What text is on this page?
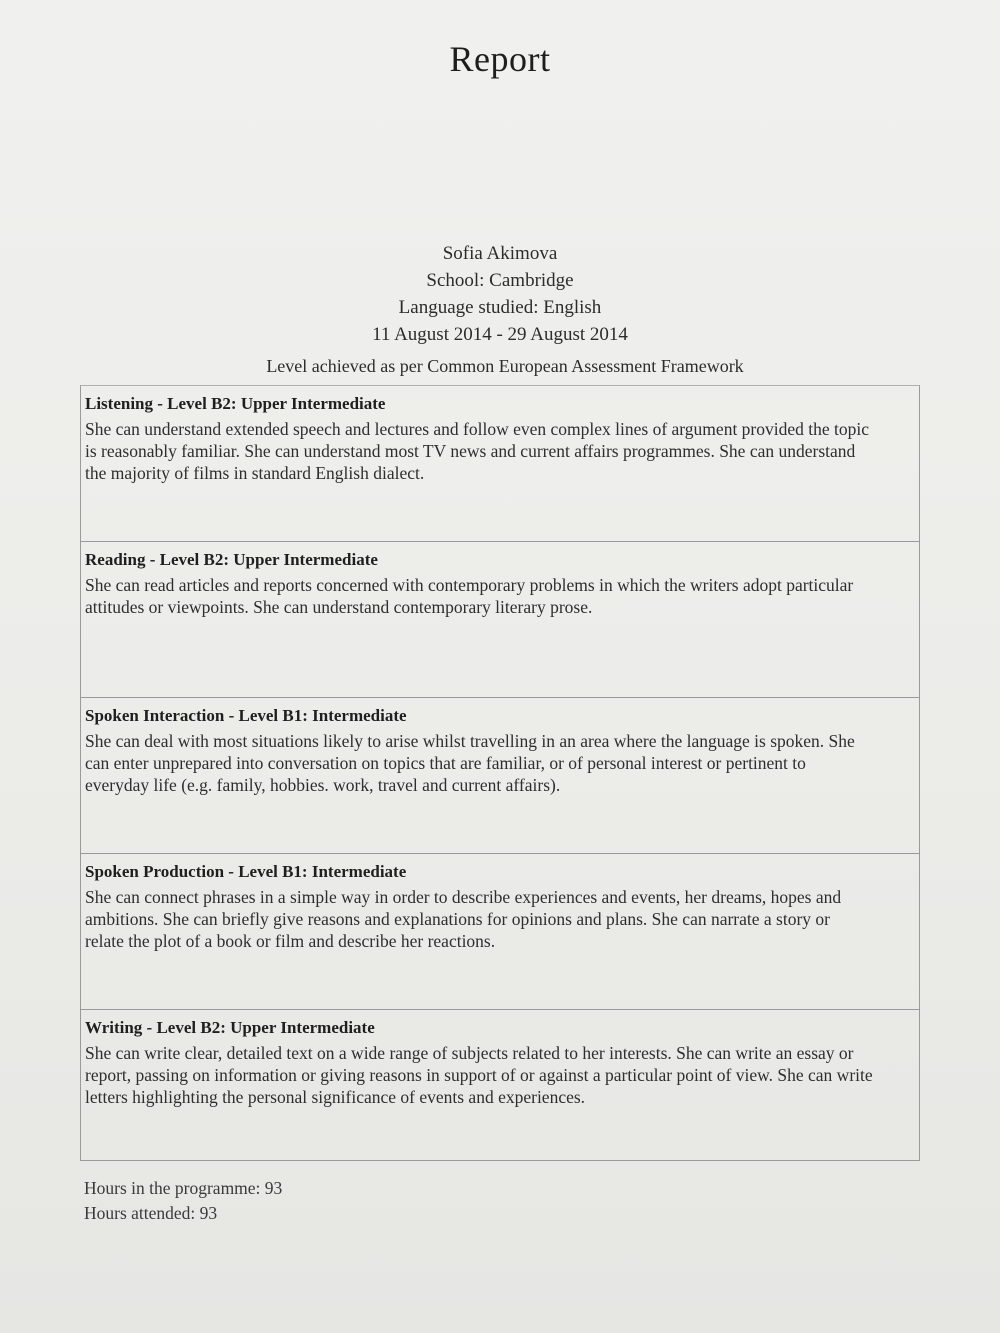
Report
Sofia Akimova
School: Cambridge
Language studied: English
11 August 2014 - 29 August 2014
Level achieved as per Common European Assessment Framework
Listening - Level B2: Upper Intermediate
She can understand extended speech and lectures and follow even complex lines of argument provided the topic is reasonably familiar. She can understand most TV news and current affairs programmes. She can understand the majority of films in standard English dialect.
Reading - Level B2: Upper Intermediate
She can read articles and reports concerned with contemporary problems in which the writers adopt particular attitudes or viewpoints. She can understand contemporary literary prose.
Spoken Interaction - Level B1: Intermediate
She can deal with most situations likely to arise whilst travelling in an area where the language is spoken. She can enter unprepared into conversation on topics that are familiar, or of personal interest or pertinent to everyday life (e.g. family, hobbies. work, travel and current affairs).
Spoken Production - Level B1: Intermediate
She can connect phrases in a simple way in order to describe experiences and events, her dreams, hopes and ambitions. She can briefly give reasons and explanations for opinions and plans. She can narrate a story or relate the plot of a book or film and describe her reactions.
Writing - Level B2: Upper Intermediate
She can write clear, detailed text on a wide range of subjects related to her interests. She can write an essay or report, passing on information or giving reasons in support of or against a particular point of view. She can write letters highlighting the personal significance of events and experiences.
Hours in the programme: 93
Hours attended: 93
